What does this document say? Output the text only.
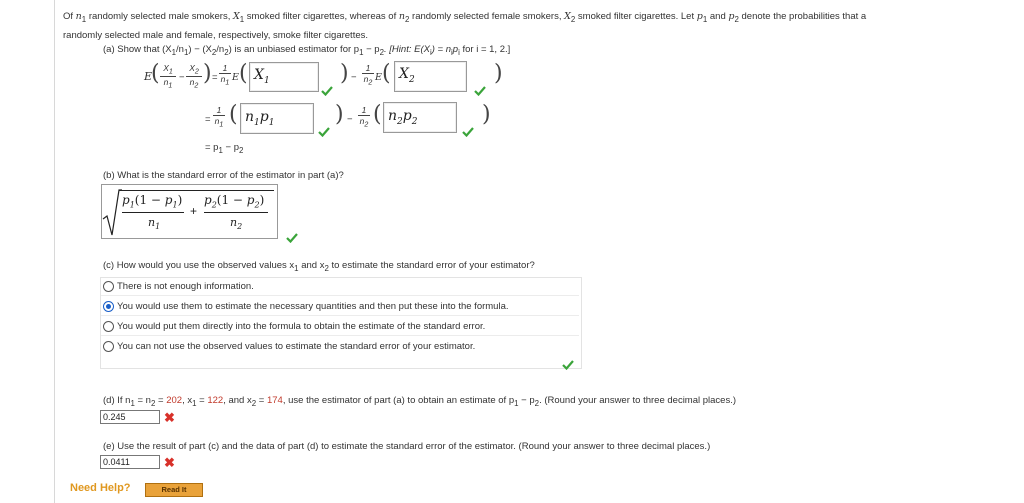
Of $n_1$ randomly selected male smokers, $X_1$ smoked filter cigarettes, whereas of $n_2$ randomly selected female smokers, $X_2$ smoked filter cigarettes. Let $p_1$ and $p_2$ denote the probabilities that a
randomly selected male and female, respectively, smoke filter cigarettes.
(a) Show that $(X_1/n_1) - (X_2/n_2)$ is an unbiased estimator for $p_1 - p_2$. [Hint: $E(X_i) = n_ip_i$ for i = 1, 2.]
E
( $\frac{X_1}{n_1} - \frac{X_2}{n_2}$ ) = $\frac{1}{n_1}$ E ( $X_1$	) − $\frac{1}{n_2}$ E ( $X_2$	)
= $\frac{1}{n_1}$ ( $n_1p_1$	) − $\frac{1}{n_2}$ ( $n_2p_2$	)
= $p_1 - p_2$
(b) What is the standard error of the estimator in part (a)?
$p_1(1 - p_1)$
$n_1$
+
$p_2(1 - p_2)$
$n_2$
(c) How would you use the observed values $x_1$ and $x_2$ to estimate the standard error of your estimator?
There is not enough information.
You would use them to estimate the necessary quantities and then put these into the formula.
You would put them directly into the formula to obtain the estimate of the standard error.
You can not use the observed values to estimate the standard error of your estimator.
(d) If $n_1 = n_2 = 202$, $x_1 = 122$, and $x_2 = 174$, use the estimator of part (a) to obtain an estimate of $p_1 - p_2$. (Round your answer to three decimal places.)
0.245	✖
(e) Use the result of part (c) and the data of part (d) to estimate the standard error of the estimator. (Round your answer to three decimal places.)
0.0411	✖
Need Help?	Read It
